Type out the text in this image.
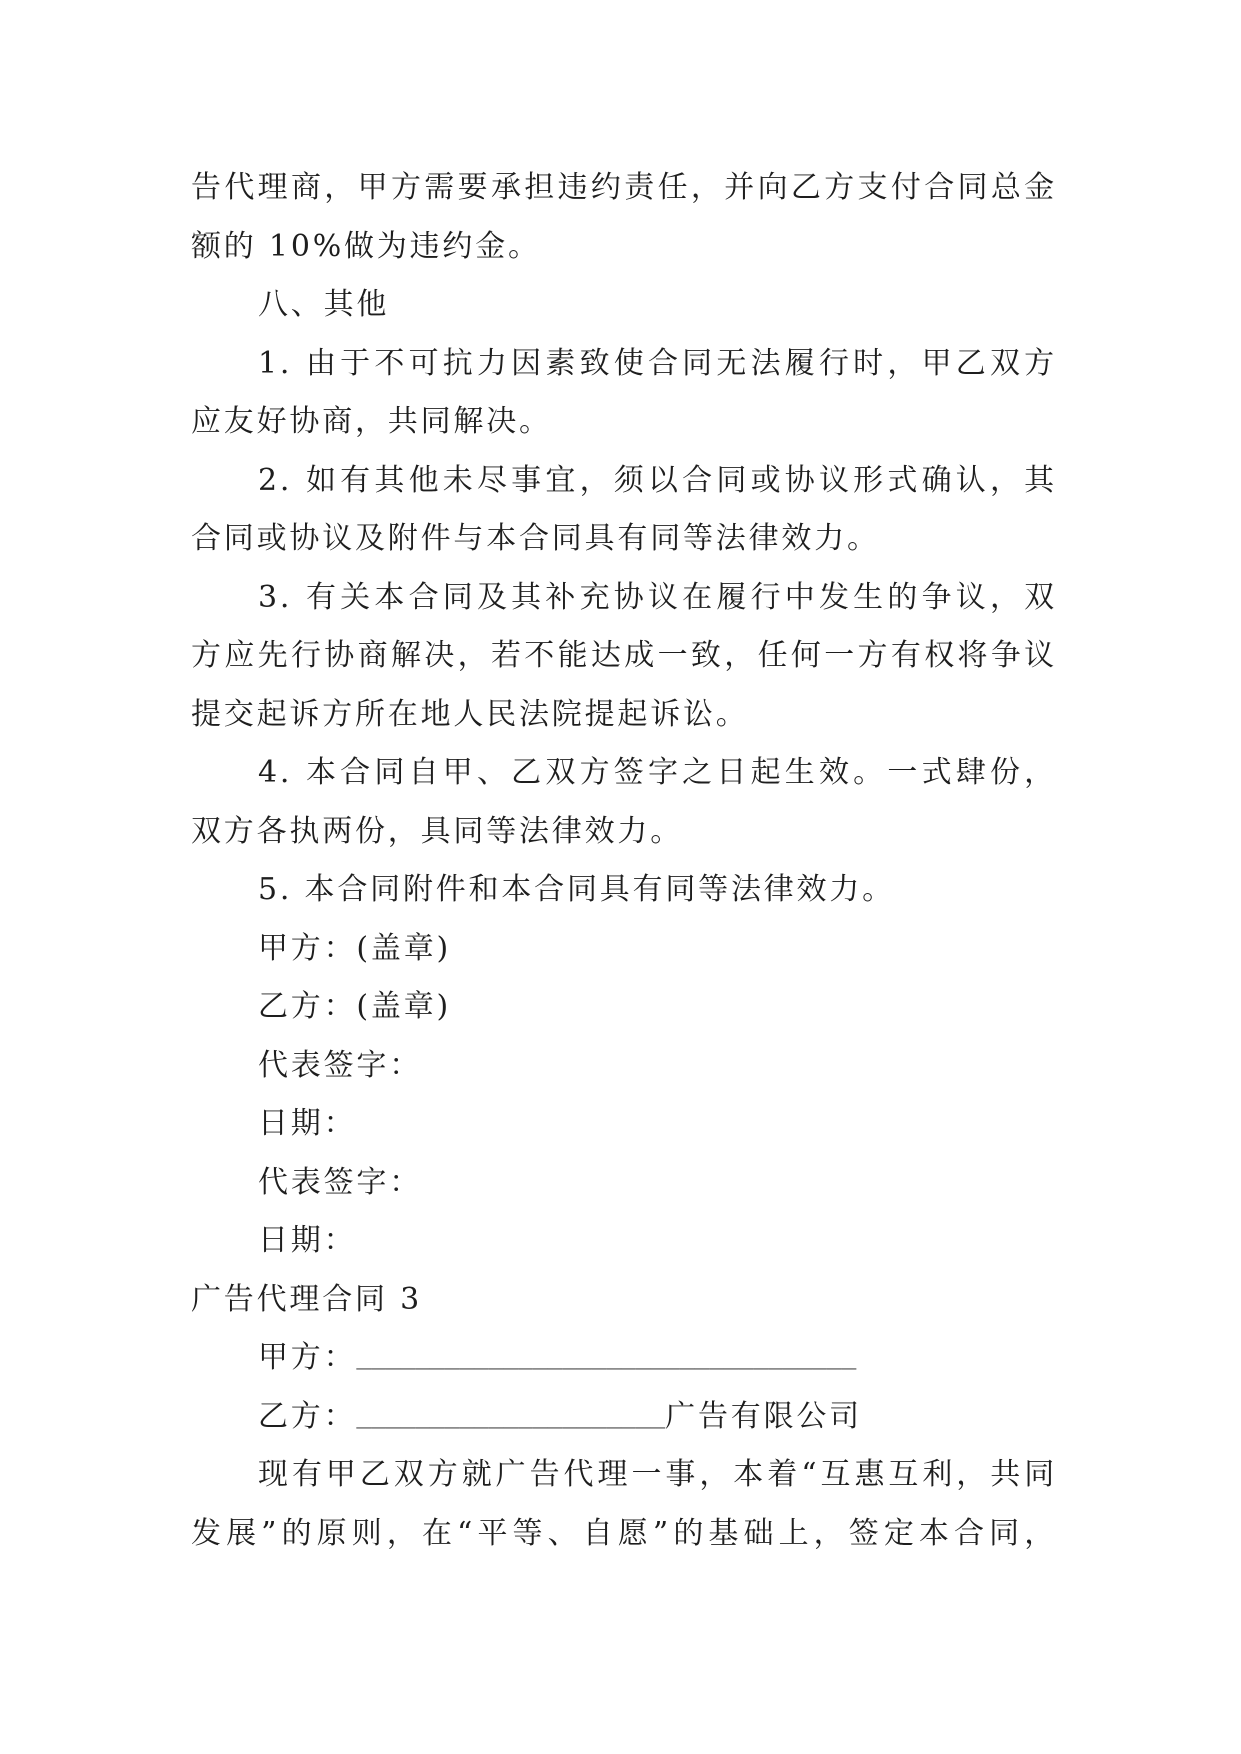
告代理商，甲方需要承担违约责任，并向乙方支付合同总金
额的 10%做为违约金。
八、其他
1. 由于不可抗力因素致使合同无法履行时，甲乙双方
应友好协商，共同解决。
2. 如有其他未尽事宜，须以合同或协议形式确认，其
合同或协议及附件与本合同具有同等法律效力。
3. 有关本合同及其补充协议在履行中发生的争议，双
方应先行协商解决，若不能达成一致，任何一方有权将争议
提交起诉方所在地人民法院提起诉讼。
4. 本合同自甲、乙双方签字之日起生效。一式肆份，
双方各执两份，具同等法律效力。
5. 本合同附件和本合同具有同等法律效力。
甲方：(盖章)
乙方：(盖章)
代表签字：
日期：
代表签字：
日期：
广告代理合同 3
甲方：__________________________________
乙方：_____________________广告有限公司
现有甲乙双方就广告代理一事，本着“互惠互利，共同
发展”的原则，在“平等、自愿”的基础上，签定本合同，
